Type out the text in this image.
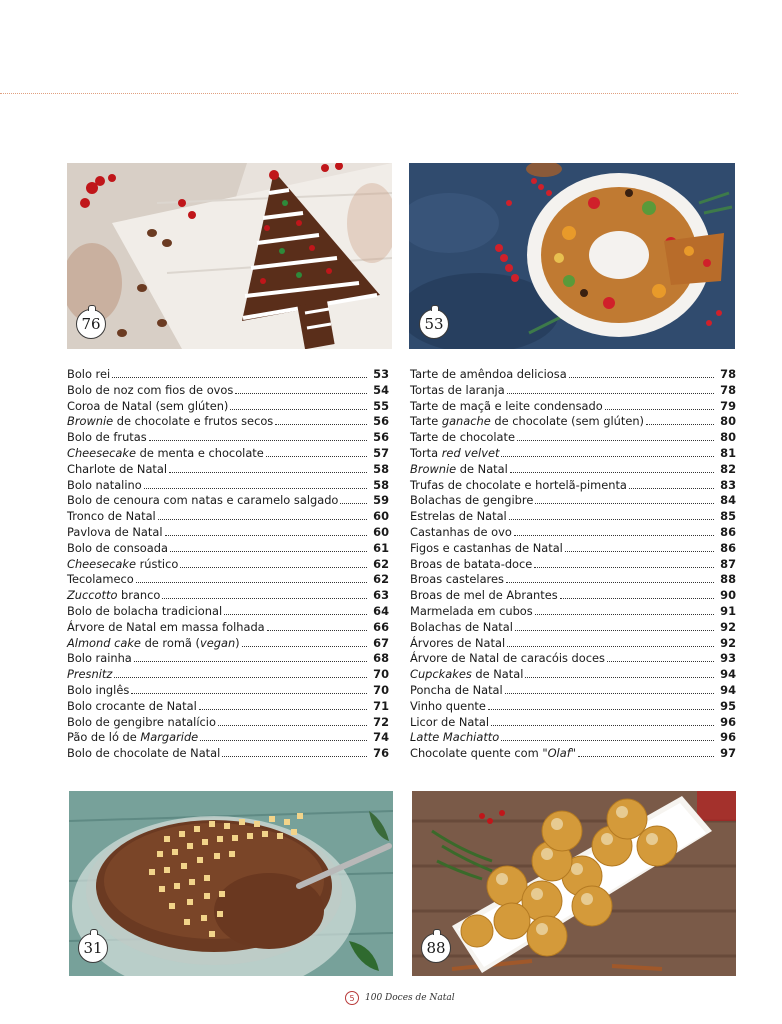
76	53
Bolo rei	53
Bolo de noz com fios de ovos	54
Coroa de Natal (sem glúten)	55
Brownie de chocolate e frutos secos	56
Bolo de frutas	56
Cheesecake de menta e chocolate	57
Charlote de Natal	58
Bolo natalino	58
Bolo de cenoura com natas e caramelo salgado	59
Tronco de Natal	60
Pavlova de Natal	60
Bolo de consoada	61
Cheesecake rústico	62
Tecolameco	62
Zuccotto branco	63
Bolo de bolacha tradicional	64
Árvore de Natal em massa folhada	66
Almond cake de romã (vegan)	67
Bolo rainha	68
Presnitz	70
Bolo inglês	70
Bolo crocante de Natal	71
Bolo de gengibre natalício	72
Pão de ló de Margaride	74
Bolo de chocolate de Natal	76
Tarte de amêndoa deliciosa	78
Tortas de laranja	78
Tarte de maçã e leite condensado	79
Tarte ganache de chocolate (sem glúten)	80
Tarte de chocolate	80
Torta red velvet	81
Brownie de Natal	82
Trufas de chocolate e hortelã-pimenta	83
Bolachas de gengibre	84
Estrelas de Natal	85
Castanhas de ovo	86
Figos e castanhas de Natal	86
Broas de batata-doce	87
Broas castelares	88
Broas de mel de Abrantes	90
Marmelada em cubos	91
Bolachas de Natal	92
Árvores de Natal	92
Árvore de Natal de caracóis doces	93
Cupckakes de Natal	94
Poncha de Natal	94
Vinho quente	95
Licor de Natal	96
Latte Machiatto	96
Chocolate quente com "Olaf"	97
31	88
5	100 Doces de Natal
